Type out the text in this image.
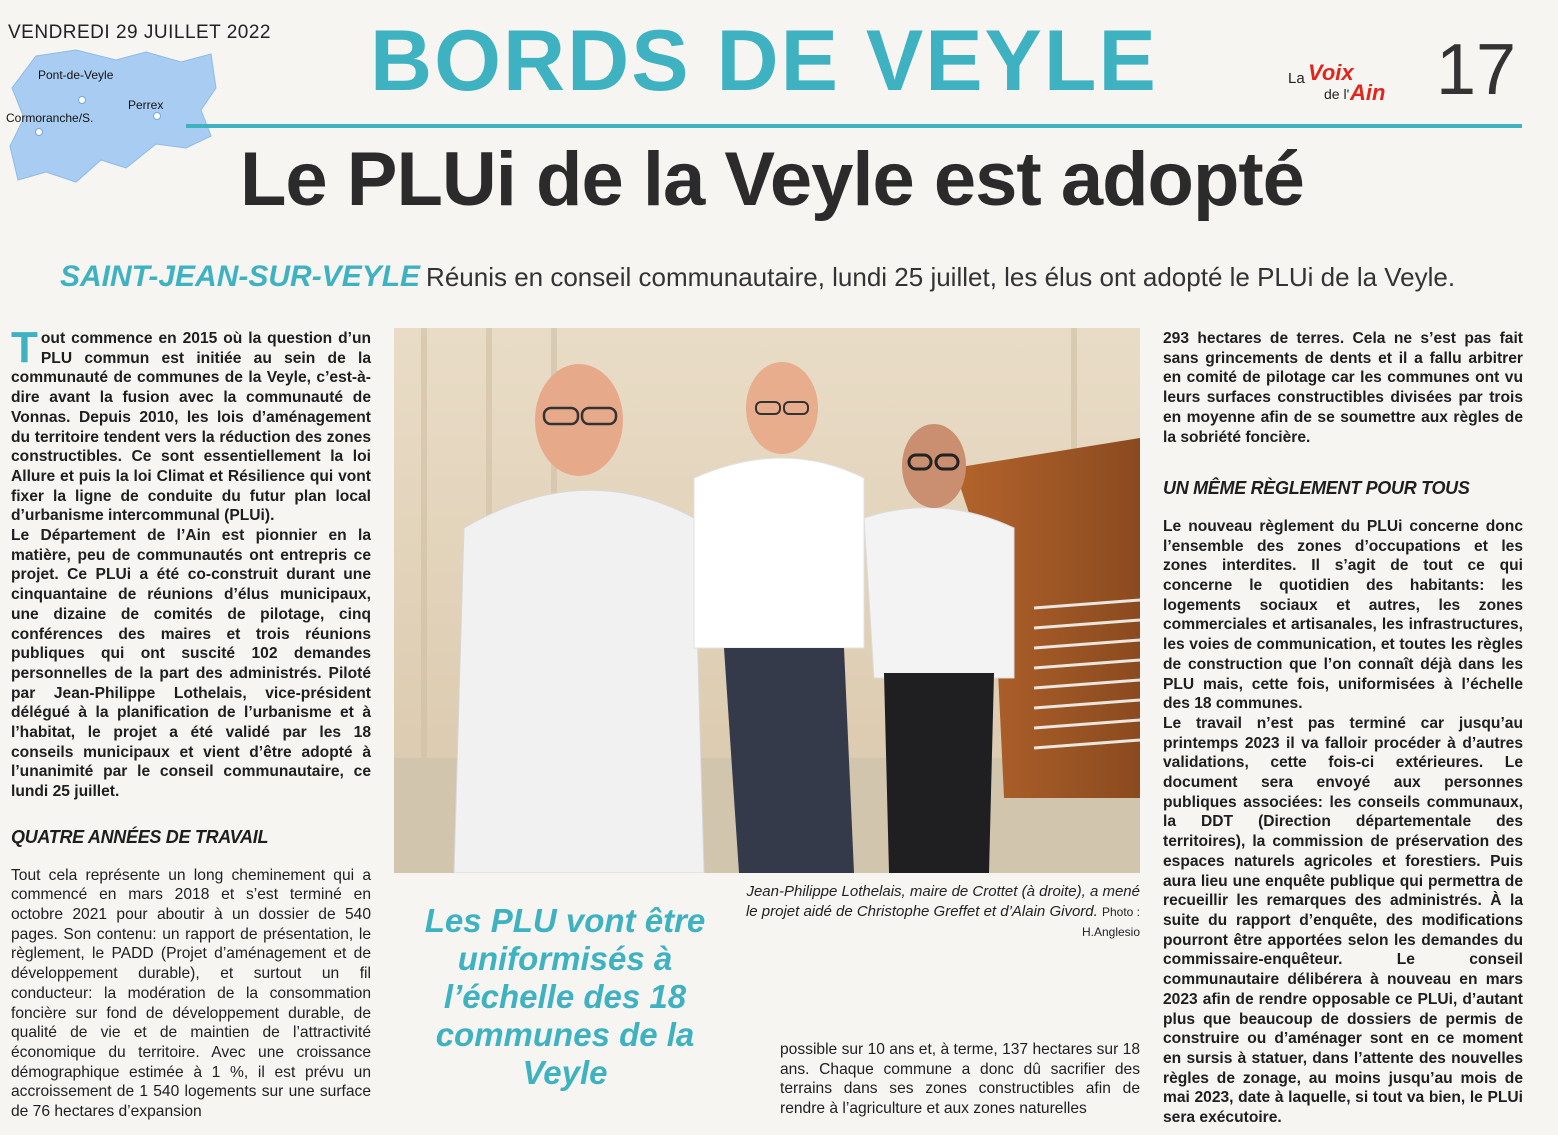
VENDREDI 29 JUILLET 2022
Pont-de-Veyle
Perrex
Cormoranche/S.
BORDS DE VEYLE	La Voix
de l' Ain 17
Le PLUi de la Veyle est adopté
SAINT-JEAN-SUR-VEYLE Réunis en conseil communautaire, lundi 25 juillet, les élus ont adopté le PLUi de la Veyle.

Tout commence en 2015 où la question d’un PLU commun est initiée au sein de la communauté de communes de la Veyle, c’est-à-dire avant la fusion avec la communauté de Vonnas. Depuis 2010, les lois d’aménagement du territoire tendent vers la réduction des zones constructibles. Ce sont essentiellement la loi Allure et puis la loi Climat et Résilience qui vont fixer la ligne de conduite du futur plan local d’urbanisme intercommunal (PLUi).

Le Département de l’Ain est pionnier en la matière, peu de communautés ont entrepris ce projet. Ce PLUi a été co-construit durant une cinquantaine de réunions d’élus municipaux, une dizaine de comités de pilotage, cinq conférences des maires et trois réunions publiques qui ont suscité 102 demandes personnelles de la part des administrés. Piloté par Jean-Philippe Lothelais, vice-président délégué à la planification de l’urbanisme et à l’habitat, le projet a été validé par les 18 conseils municipaux et vient d’être adopté à l’unanimité par le conseil communautaire, ce lundi 25 juillet.

QUATRE ANNÉES DE TRAVAIL

Tout cela représente un long cheminement qui a commencé en mars 2018 et s’est terminé en octobre 2021 pour aboutir à un dossier de 540 pages. Son contenu: un rapport de présentation, le règlement, le PADD (Projet d’aménagement et de développement durable), et surtout un fil conducteur: la modération de la consommation foncière sur fond de développement durable, de qualité de vie et de maintien de l’attractivité économique du territoire. Avec une croissance démographique estimée à 1 %, il est prévu un accroissement de 1 540 logements sur une surface de 76 hectares d’expansion

Jean-Philippe Lothelais, maire de Crottet (à droite), a mené le projet aidé de Christophe Greffet et d’Alain Givord. Photo : H.Anglesio
Les PLU vont être uniformisés à l’échelle des 18 communes de la Veyle

possible sur 10 ans et, à terme, 137 hectares sur 18 ans. Chaque commune a donc dû sacrifier des terrains dans ses zones constructibles afin de rendre à l’agriculture et aux zones naturelles

293 hectares de terres. Cela ne s’est pas fait sans grincements de dents et il a fallu arbitrer en comité de pilotage car les communes ont vu leurs surfaces constructibles divisées par trois en moyenne afin de se soumettre aux règles de la sobriété foncière.

UN MÊME RÈGLEMENT POUR TOUS

Le nouveau règlement du PLUi concerne donc l’ensemble des zones d’occupations et les zones interdites. Il s’agit de tout ce qui concerne le quotidien des habitants: les logements sociaux et autres, les zones commerciales et artisanales, les infrastructures, les voies de communication, et toutes les règles de construction que l’on connaît déjà dans les PLU mais, cette fois, uniformisées à l’échelle des 18 communes.

Le travail n’est pas terminé car jusqu’au printemps 2023 il va falloir procéder à d’autres validations, cette fois-ci extérieures. Le document sera envoyé aux personnes publiques associées: les conseils communaux, la DDT (Direction départementale des territoires), la commission de préservation des espaces naturels agricoles et forestiers. Puis aura lieu une enquête publique qui permettra de recueillir les remarques des administrés. À la suite du rapport d’enquête, des modifications pourront être apportées selon les demandes du commissaire-enquêteur. Le conseil communautaire délibérera à nouveau en mars 2023 afin de rendre opposable ce PLUi, d’autant plus que beaucoup de dossiers de permis de construire ou d’aménager sont en ce moment en sursis à statuer, dans l’attente des nouvelles règles de zonage, au moins jusqu’au mois de mai 2023, date à laquelle, si tout va bien, le PLUi sera exécutoire.
